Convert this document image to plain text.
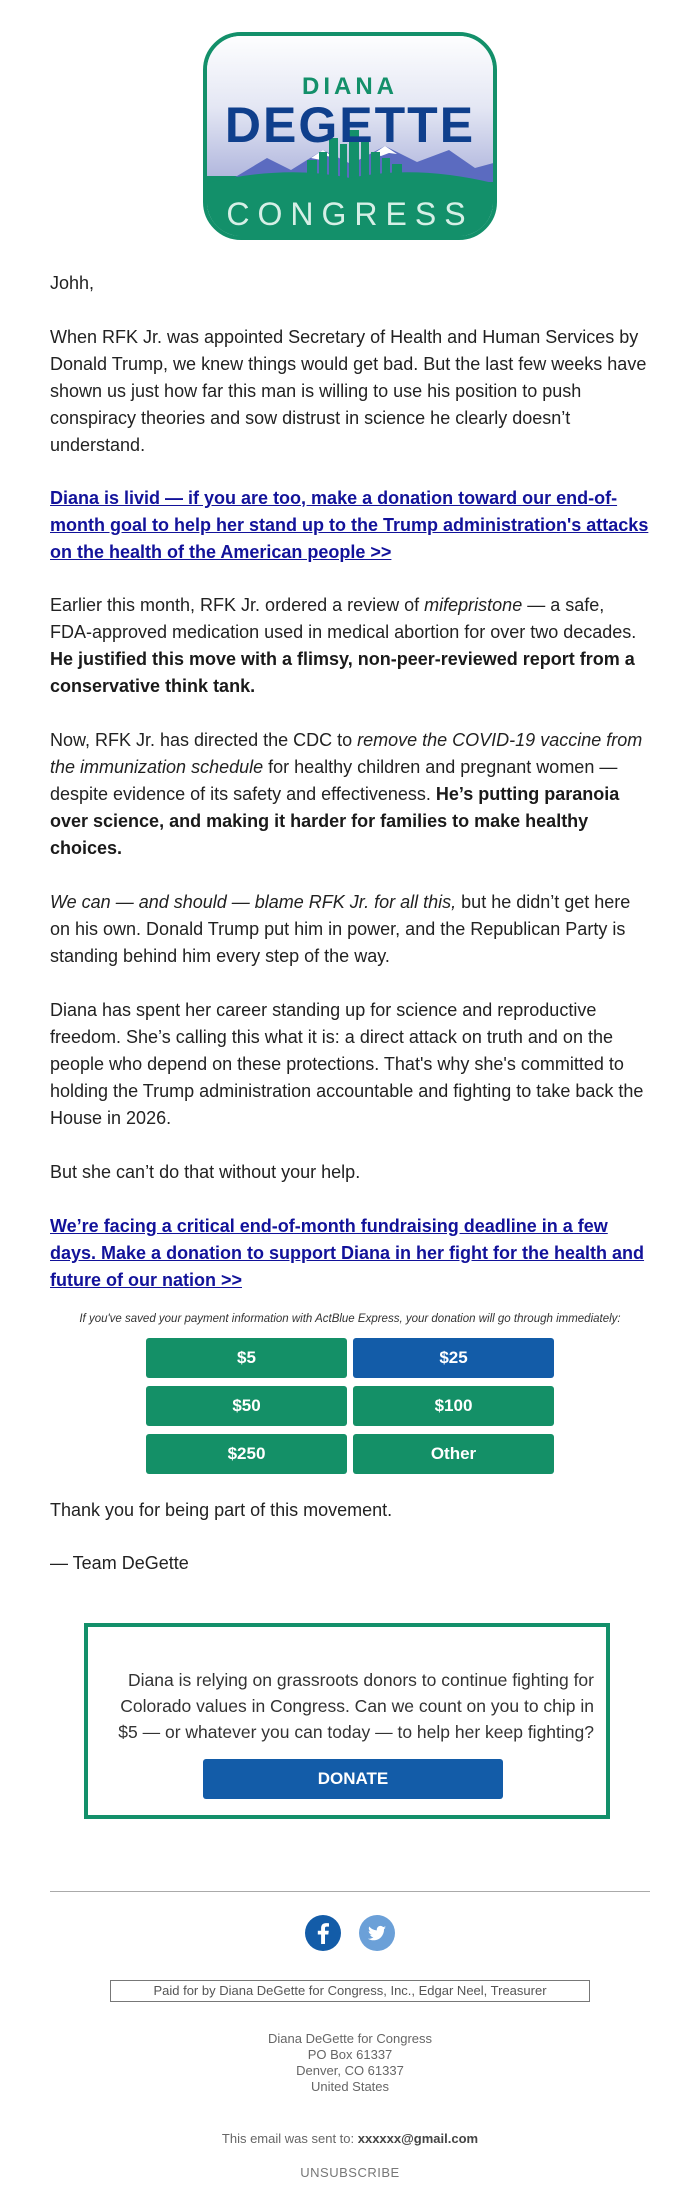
DIANA
DEGETTE
CONGRESS

Johh,

When RFK Jr. was appointed Secretary of Health and Human Services by Donald Trump, we knew things would get bad. But the last few weeks have shown us just how far this man is willing to use his position to push conspiracy theories and sow distrust in science he clearly doesn’t understand.

Diana is livid — if you are too, make a donation toward our end-of-month goal to help her stand up to the Trump administration's attacks on the health of the American people >>

Earlier this month, RFK Jr. ordered a review of mifepristone — a safe, FDA-approved medication used in medical abortion for over two decades. He justified this move with a flimsy, non-peer-reviewed report from a conservative think tank.

Now, RFK Jr. has directed the CDC to remove the COVID-19 vaccine from the immunization schedule for healthy children and pregnant women — despite evidence of its safety and effectiveness. He’s putting paranoia over science, and making it harder for families to make healthy choices.

We can — and should — blame RFK Jr. for all this, but he didn’t get here on his own. Donald Trump put him in power, and the Republican Party is standing behind him every step of the way.

Diana has spent her career standing up for science and reproductive freedom. She’s calling this what it is: a direct attack on truth and on the people who depend on these protections. That's why she's committed to holding the Trump administration accountable and fighting to take back the House in 2026.

But she can’t do that without your help.

We’re facing a critical end-of-month fundraising deadline in a few days. Make a donation to support Diana in her fight for the health and future of our nation >>

If you've saved your payment information with ActBlue Express, your donation will go through immediately:
$5	$25
$50	$100
$250	Other

Thank you for being part of this movement.

— Team DeGette

Diana is relying on grassroots donors to continue fighting for Colorado values in Congress. Can we count on you to chip in $5 — or whatever you can today — to help her keep fighting?
DONATE
Paid for by Diana DeGette for Congress, Inc., Edgar Neel, Treasurer
Diana DeGette for Congress
PO Box 61337
Denver, CO 61337
United States
This email was sent to: xxxxxx@gmail.com
UNSUBSCRIBE
